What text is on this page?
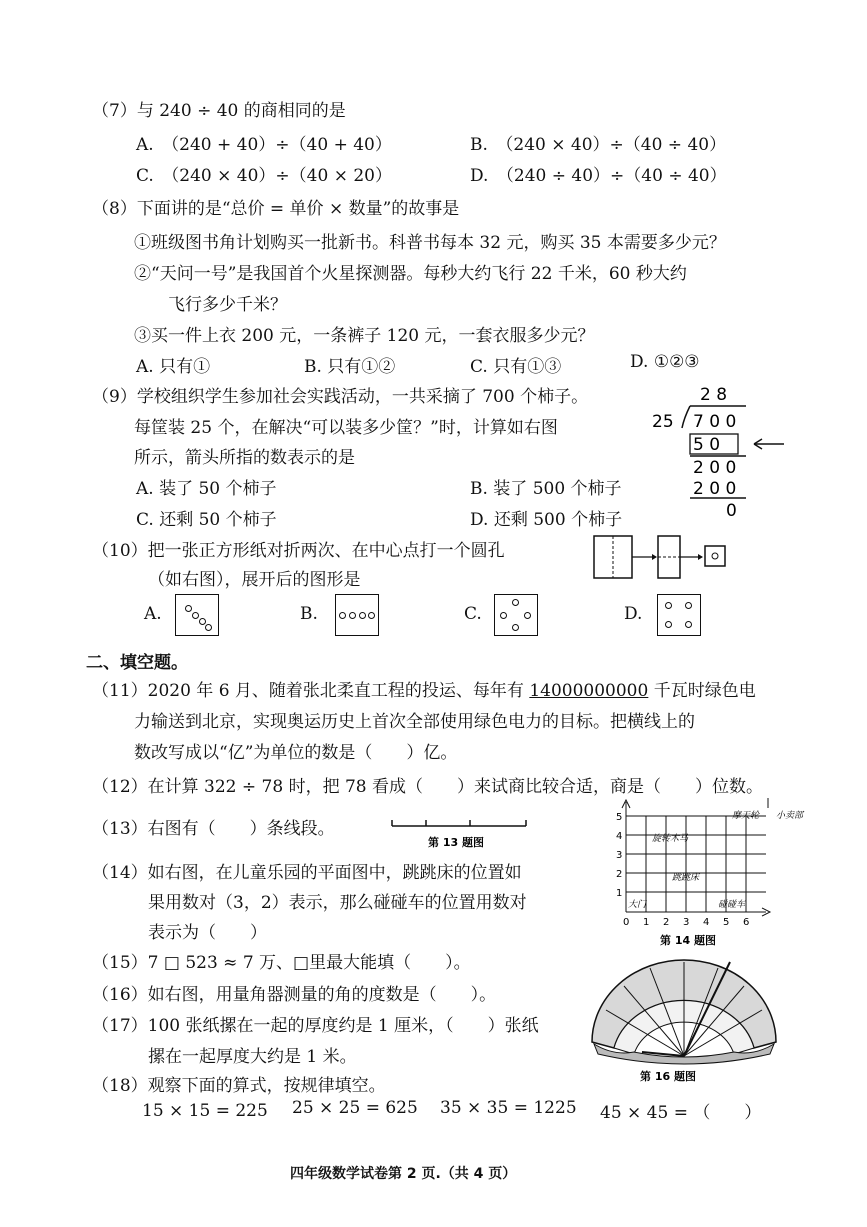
（7）与 240 ÷ 40 的商相同的是
A.　（240 + 40）÷（40 + 40）	B.　（240 × 40）÷（40 ÷ 40）
C.　（240 × 40）÷（40 × 20）	D.　（240 ÷ 40）÷（40 ÷ 40）
（8）下面讲的是“总价 = 单价 × 数量”的故事是
①班级图书角计划购买一批新书。科普书每本 32 元，购买 35 本需要多少元？
②“天问一号”是我国首个火星探测器。每秒大约飞行 22 千米，60 秒大约
飞行多少千米？
③买一件上衣 200 元，一条裤子 120 元，一套衣服多少元？
A. 只有①	B. 只有①②	C. 只有①③	D. ①②③
（9）学校组织学生参加社会实践活动，一共采摘了 700 个柿子。
每筐装 25 个，在解决“可以装多少筐？”时，计算如右图
所示，箭头所指的数表示的是
A. 装了 50 个柿子	B. 装了 500 个柿子
C. 还剩 50 个柿子	D. 还剩 500 个柿子
2 8
25 7 0 0
5 0
2 0 0
2 0 0
0
（10）把一张正方形纸对折两次、在中心点打一个圆孔
（如右图），展开后的图形是
A.	B.	C.	D.
二、填空题。
（11）2020 年 6 月、随着张北柔直工程的投运、每年有 14000000000 千瓦时绿色电
力输送到北京，实现奥运历史上首次全部使用绿色电力的目标。把横线上的
数改写成以“亿”为单位的数是（　　）亿。
（12）在计算 322 ÷ 78 时，把 78 看成（　　）来试商比较合适，商是（　　）位数。
（13）右图有（　　）条线段。
第 13 题图
（14）如右图，在儿童乐园的平面图中，跳跳床的位置如
果用数对（3，2）表示，那么碰碰车的位置用数对
表示为（　　）
0 1 2 3 4 5 6
1
2
3
4
5
旋转木马
跳跳床
大门	碰碰车
摩天轮 小卖部
第 14 题图
（15）7 □ 523 ≈ 7 万、□里最大能填（　　）。
（16）如右图，用量角器测量的角的度数是（　　）。
第 16 题图
（17）100 张纸摞在一起的厚度约是 1 厘米，（　　）张纸
摞在一起厚度大约是 1 米。
（18）观察下面的算式，按规律填空。
15 × 15 = 225 25 × 25 = 625 35 × 35 = 1225 45 × 45 = （　　）
四年级数学试卷第 2 页.（共 4 页）
